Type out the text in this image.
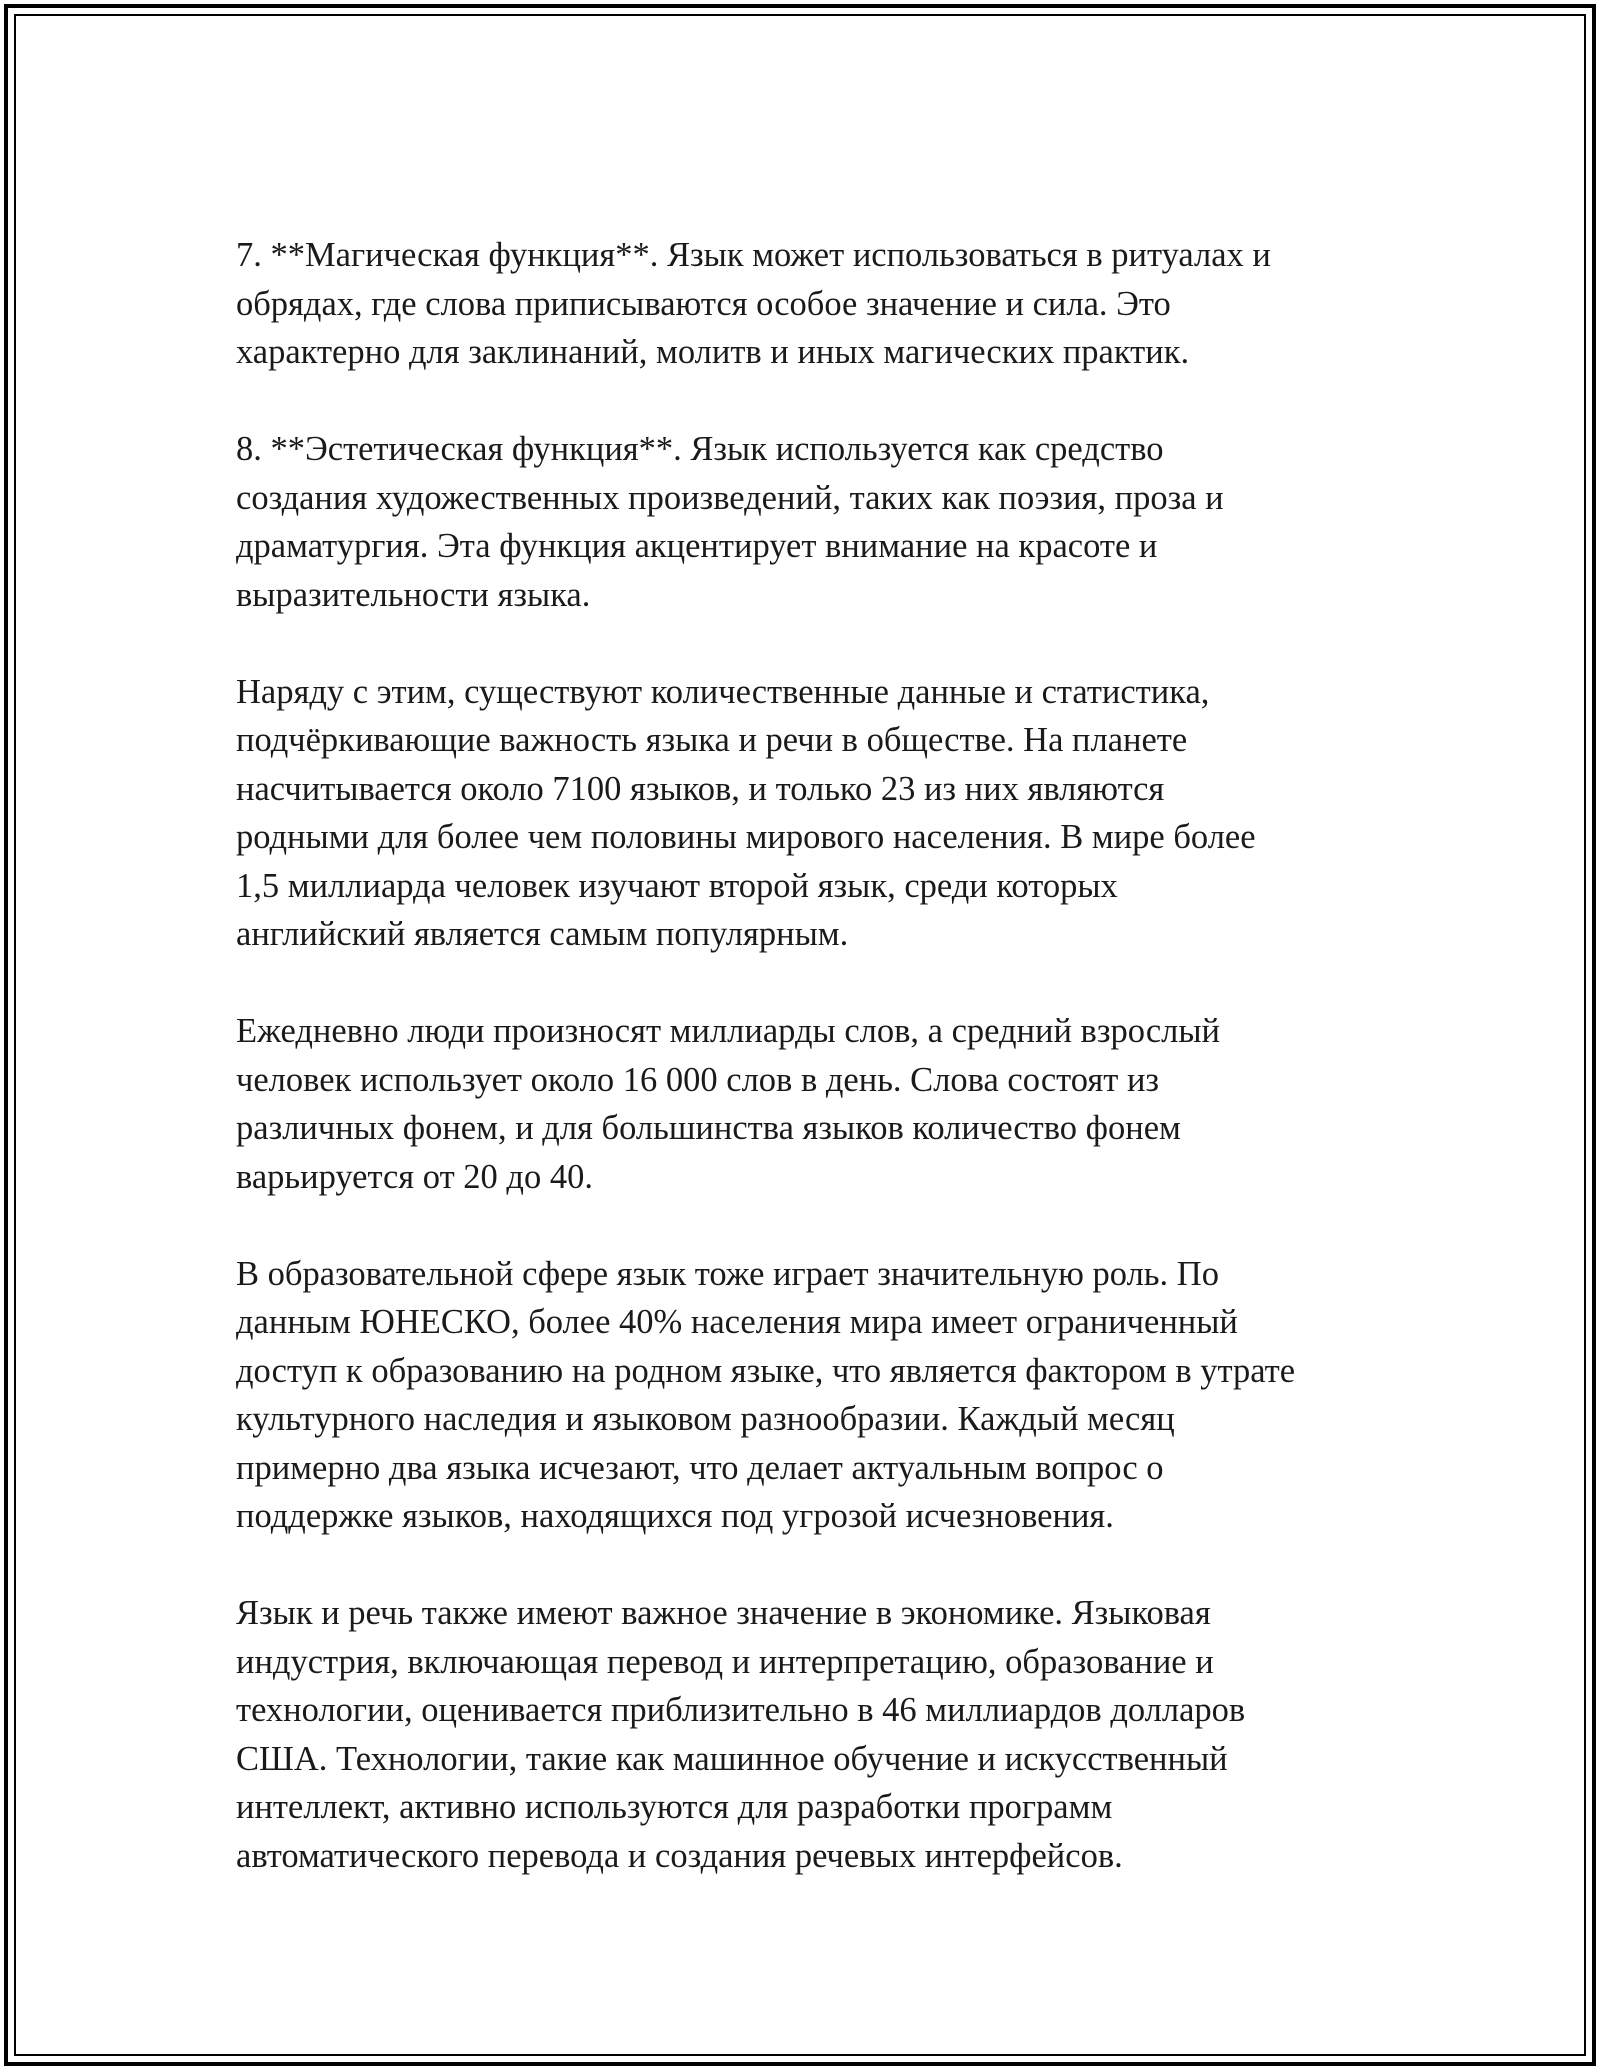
7. **Магическая функция**. Язык может использоваться в ритуалах и
обрядах, где слова приписываются особое значение и сила. Это
характерно для заклинаний, молитв и иных магических практик.

8. **Эстетическая функция**. Язык используется как средство
создания художественных произведений, таких как поэзия, проза и
драматургия. Эта функция акцентирует внимание на красоте и
выразительности языка.

Наряду с этим, существуют количественные данные и статистика,
подчёркивающие важность языка и речи в обществе. На планете
насчитывается около 7100 языков, и только 23 из них являются
родными для более чем половины мирового населения. В мире более
1,5 миллиарда человек изучают второй язык, среди которых
английский является самым популярным.

Ежедневно люди произносят миллиарды слов, а средний взрослый
человек использует около 16 000 слов в день. Слова состоят из
различных фонем, и для большинства языков количество фонем
варьируется от 20 до 40.

В образовательной сфере язык тоже играет значительную роль. По
данным ЮНЕСКО, более 40% населения мира имеет ограниченный
доступ к образованию на родном языке, что является фактором в утрате
культурного наследия и языковом разнообразии. Каждый месяц
примерно два языка исчезают, что делает актуальным вопрос о
поддержке языков, находящихся под угрозой исчезновения.

Язык и речь также имеют важное значение в экономике. Языковая
индустрия, включающая перевод и интерпретацию, образование и
технологии, оценивается приблизительно в 46 миллиардов долларов
США. Технологии, такие как машинное обучение и искусственный
интеллект, активно используются для разработки программ
автоматического перевода и создания речевых интерфейсов.
